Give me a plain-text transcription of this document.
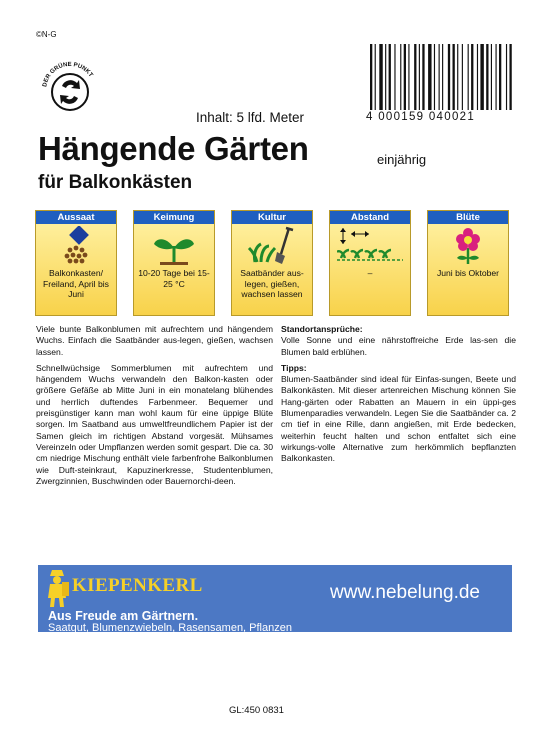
©N-G
DER GRÜNE PUNKT
4 000159 040021
Inhalt: 5 lfd. Meter
Hängende Gärten	einjährig
für Balkonkästen
Aussaat
Balkonkasten/ Freiland, April bis Juni
Keimung
10-20 Tage bei 15-25 °C
Kultur
Saatbänder aus-legen, gießen, wachsen lassen
Abstand
–
Blüte
Juni bis Oktober

Viele bunte Balkonblumen mit aufrechtem und hängendem Wuchs. Einfach die Saatbänder aus-legen, gießen, wachsen lassen.

Schnellwüchsige Sommerblumen mit aufrechtem und hängendem Wuchs verwandeln den Balkon-kasten oder größere Gefäße ab Mitte Juni in ein monatelang blühendes und herrlich duftendes Farbenmeer. Bequemer und preisgünstiger kann man wohl kaum für eine üppige Blüte sorgen. Im Saatband aus umweltfreundlichem Papier ist der Samen gleich im richtigen Abstand vorgesät. Mühsames Vereinzeln oder Umpflanzen werden somit gespart. Die ca. 30 cm niedrige Mischung enthält viele farbenfrohe Balkonblumen wie Duft-steinkraut, Kapuzinerkresse, Studentenblumen, Zwergzinnien, Buschwinden oder Bauernorchi-deen.

Standortansprüche:

Volle Sonne und eine nährstoffreiche Erde las-sen die Blumen bald erblühen.

Tipps:

Blumen-Saatbänder sind ideal für Einfas-sungen, Beete und Balkonkästen. Mit dieser artenreichen Mischung können Sie Hang-gärten oder Rabatten an Mauern in ein üppi-ges Blumenparadies verwandeln. Legen Sie die Saatbänder ca. 2 cm tief in eine Rille, dann angießen, mit Erde bedecken, weiterhin feucht halten und schon entfaltet sich eine wirkungs-volle Alternative zum herkömmlich bepflanzten Balkonkasten.

KIEPENKERL	www.nebelung.de
Aus Freude am Gärtnern.
Saatgut, Blumenzwiebeln, Rasensamen, Pflanzen
GL:450 0831
